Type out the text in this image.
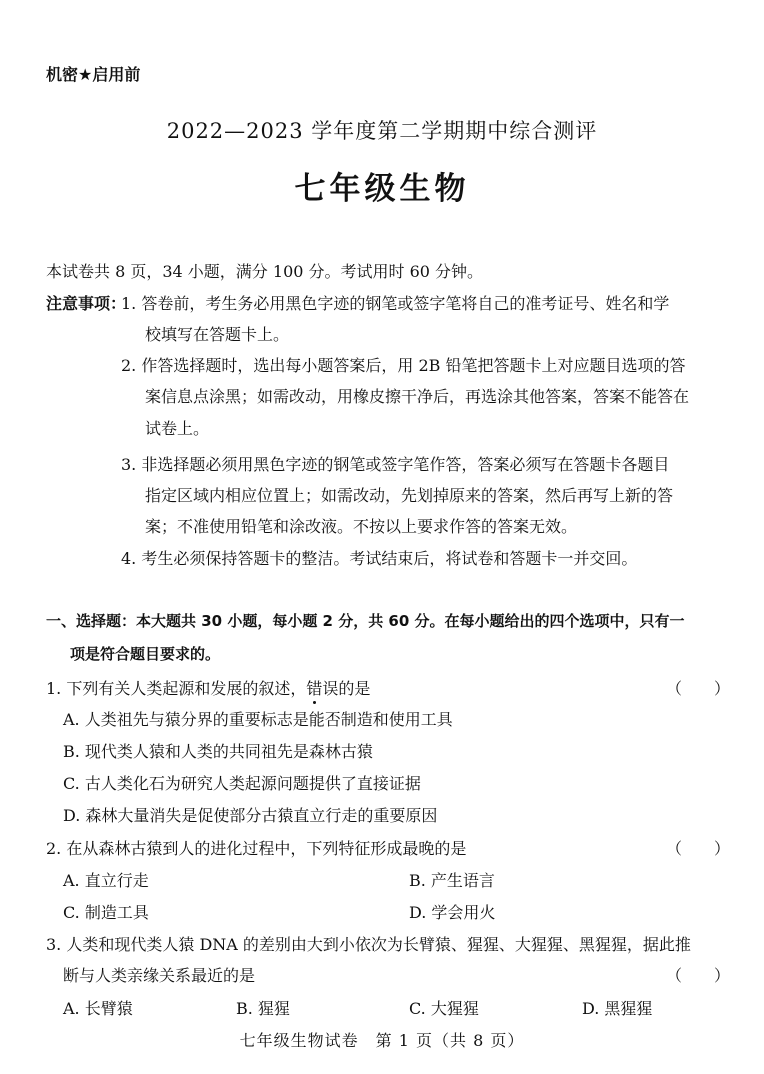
机密★启用前
2022—2023 学年度第二学期期中综合测评
七年级生物
本试卷共 8 页，34 小题，满分 100 分。考试用时 60 分钟。
注意事项：
1. 答卷前，考生务必用黑色字迹的钢笔或签字笔将自己的准考证号、姓名和学
校填写在答题卡上。
2. 作答选择题时，选出每小题答案后，用 2B 铅笔把答题卡上对应题目选项的答
案信息点涂黑；如需改动，用橡皮擦干净后，再选涂其他答案，答案不能答在
试卷上。
3. 非选择题必须用黑色字迹的钢笔或签字笔作答，答案必须写在答题卡各题目
指定区域内相应位置上；如需改动，先划掉原来的答案，然后再写上新的答
案；不准使用铅笔和涂改液。不按以上要求作答的答案无效。
4. 考生必须保持答题卡的整洁。考试结束后，将试卷和答题卡一并交回。
一、选择题：本大题共 30 小题，每小题 2 分，共 60 分。在每小题给出的四个选项中，只有一
项是符合题目要求的。
1. 下列有关人类起源和发展的叙述，错误的是	（　　）
A. 人类祖先与猿分界的重要标志是能否制造和使用工具
B. 现代类人猿和人类的共同祖先是森林古猿
C. 古人类化石为研究人类起源问题提供了直接证据
D. 森林大量消失是促使部分古猿直立行走的重要原因
2. 在从森林古猿到人的进化过程中，下列特征形成最晚的是	（　　）
A. 直立行走	B. 产生语言
C. 制造工具	D. 学会用火
3. 人类和现代类人猿 DNA 的差别由大到小依次为长臂猿、猩猩、大猩猩、黑猩猩，据此推
断与人类亲缘关系最近的是	（　　）
A. 长臂猿	B. 猩猩	C. 大猩猩	D. 黑猩猩
七年级生物试卷　第 1 页（共 8 页）
